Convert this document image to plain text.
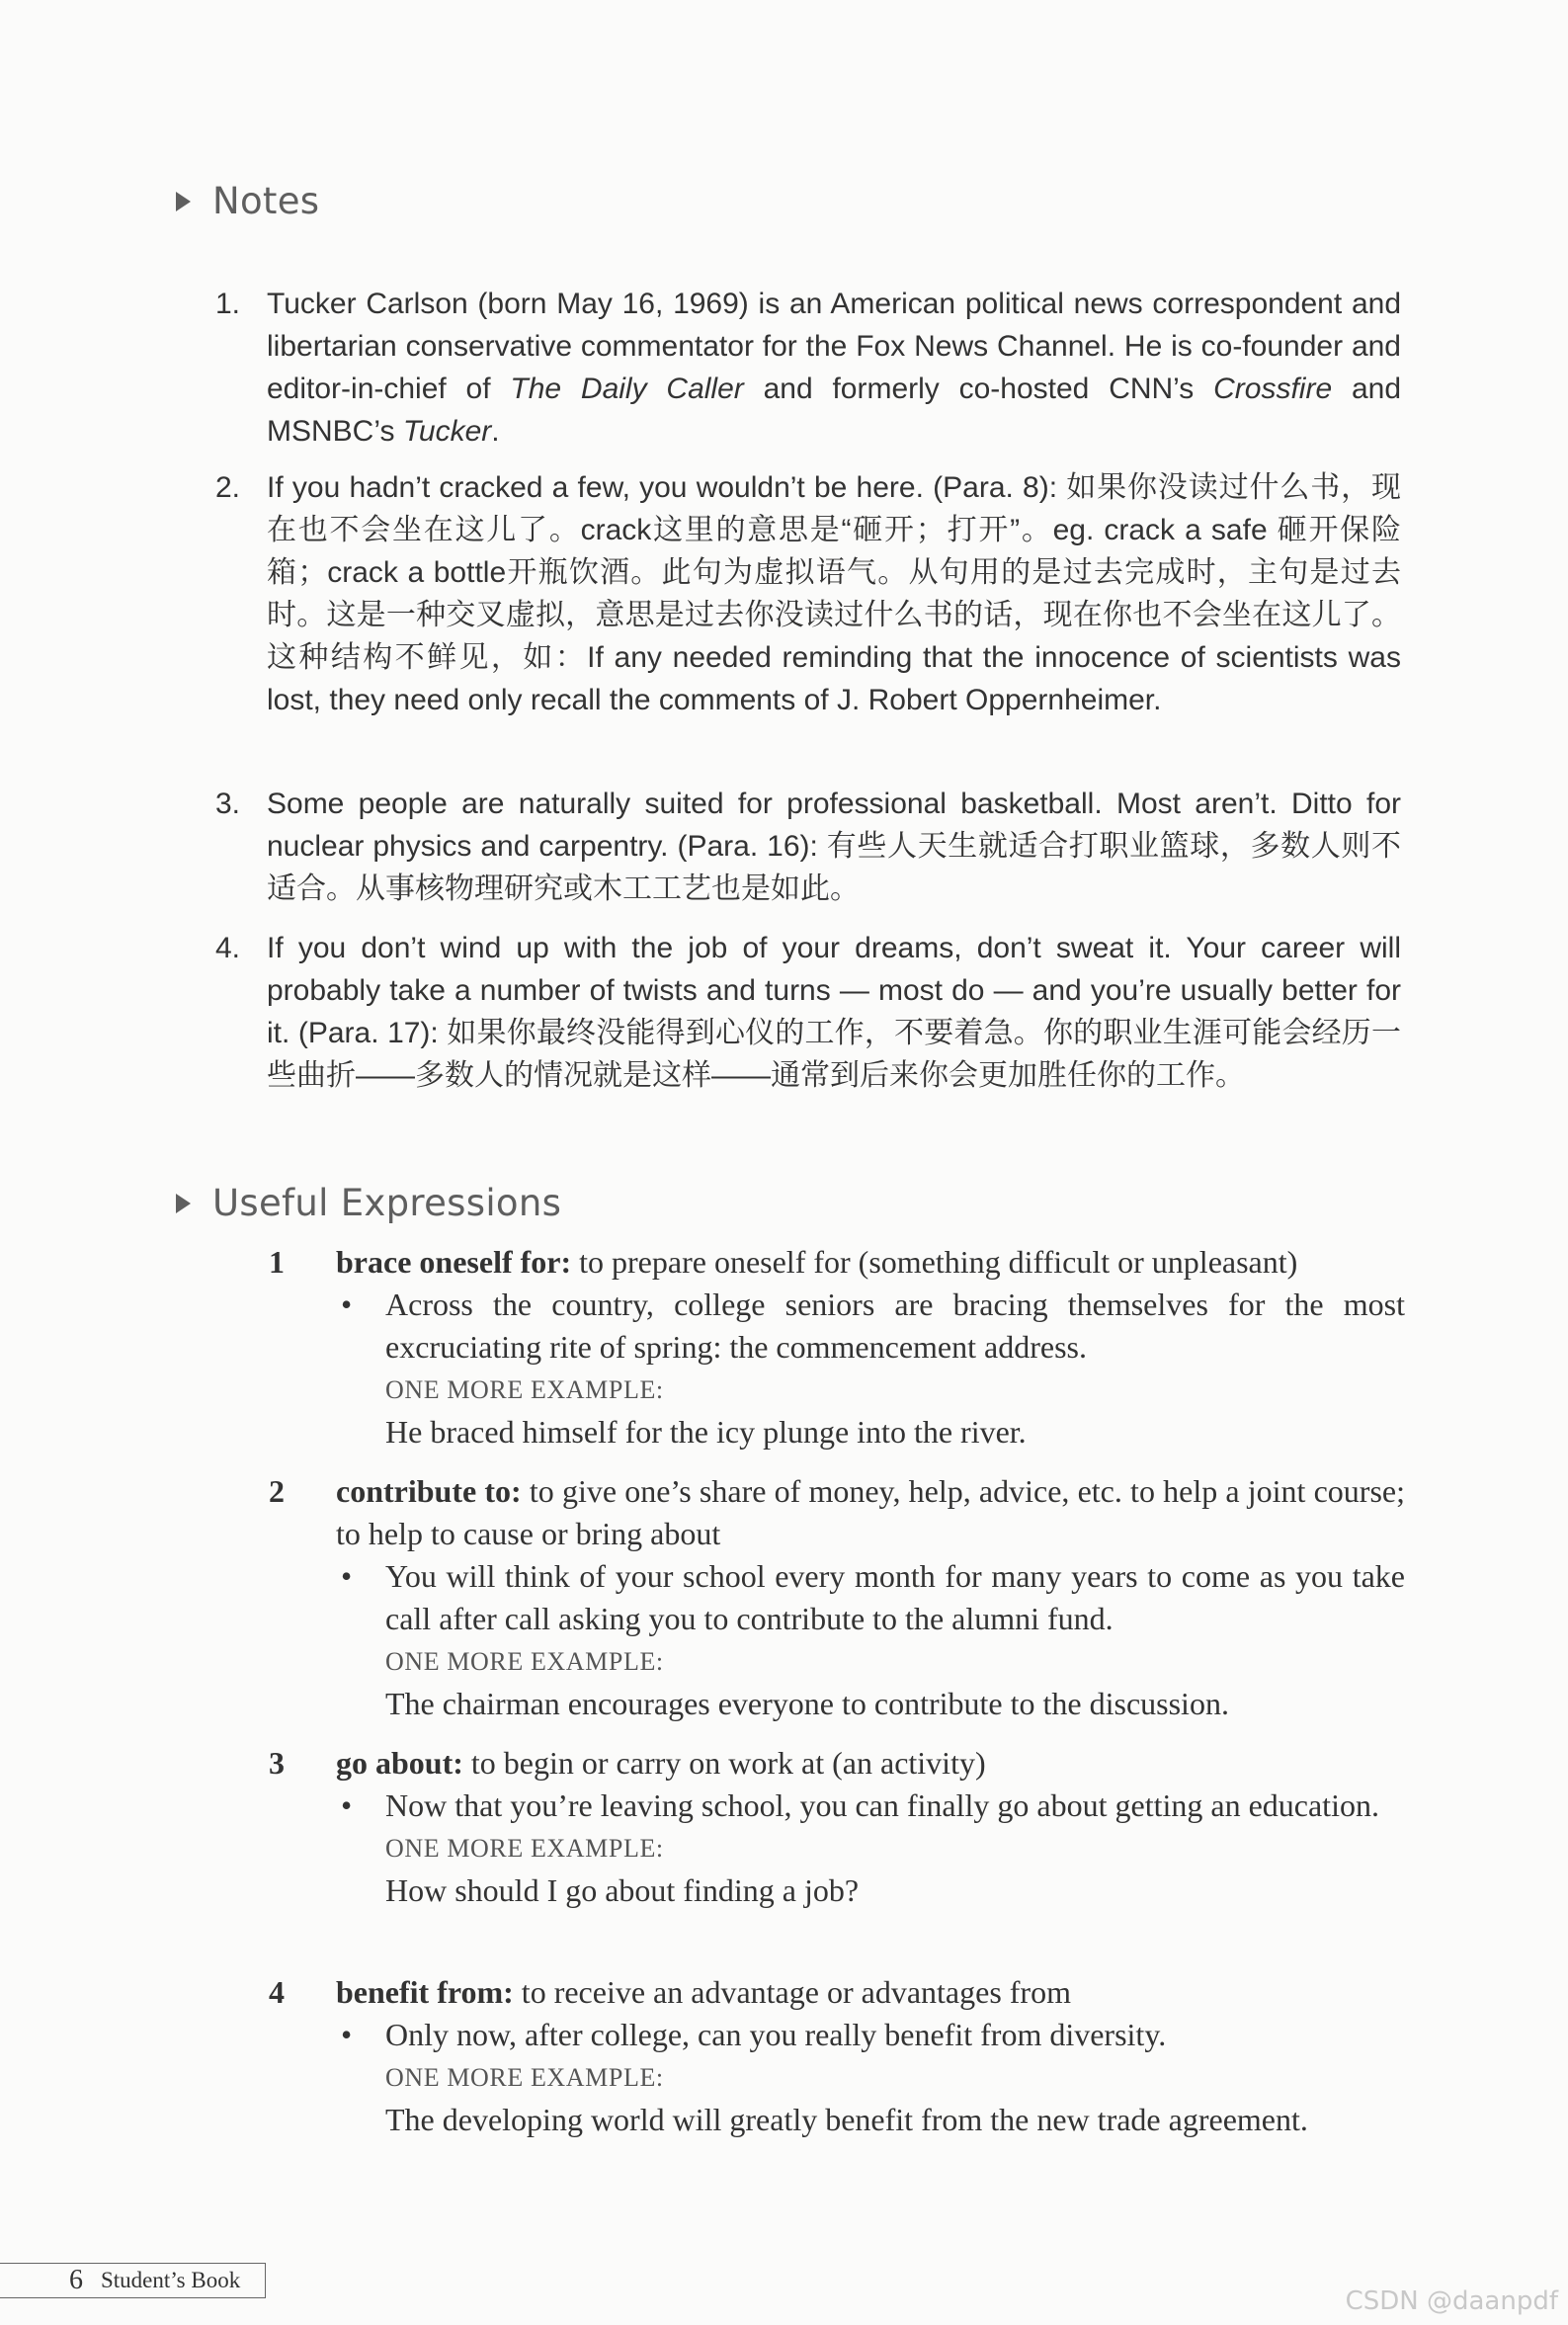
Notes
1. Tucker Carlson (born May 16, 1969) is an American political news correspondent and libertarian conservative commentator for the Fox News Channel. He is co-founder and editor-in-chief of The Daily Caller and formerly co-hosted CNN’s Crossfire and MSNBC’s Tucker.
2. If you hadn’t cracked a few, you wouldn’t be here. (Para. 8): 如果你没读过什么书，现在也不会坐在这儿了。crack这里的意思是“砸开；打开”。eg. crack a safe 砸开保险箱；crack a bottle开瓶饮酒。此句为虚拟语气。从句用的是过去完成时，主句是过去时。这是一种交叉虚拟，意思是过去你没读过什么书的话，现在你也不会坐在这儿了。这种结构不鲜见，如：If any needed reminding that the innocence of scientists was lost, they need only recall the comments of J. Robert Oppernheimer.
3. Some people are naturally suited for professional basketball. Most aren’t. Ditto for nuclear physics and carpentry. (Para. 16): 有些人天生就适合打职业篮球，多数人则不适合。从事核物理研究或木工工艺也是如此。
4. If you don’t wind up with the job of your dreams, don’t sweat it. Your career will probably take a number of twists and turns — most do — and you’re usually better for it. (Para. 17): 如果你最终没能得到心仪的工作，不要着急。你的职业生涯可能会经历一些曲折——多数人的情况就是这样——通常到后来你会更加胜任你的工作。
Useful Expressions
1 brace oneself for: to prepare oneself for (something difficult or unpleasant)
• Across the country, college seniors are bracing themselves for the most excruciating rite of spring: the commencement address.
ONE MORE EXAMPLE:
He braced himself for the icy plunge into the river.
2 contribute to: to give one’s share of money, help, advice, etc. to help a joint course; to help to cause or bring about
• You will think of your school every month for many years to come as you take call after call asking you to contribute to the alumni fund.
ONE MORE EXAMPLE:
The chairman encourages everyone to contribute to the discussion.
3 go about: to begin or carry on work at (an activity)
• Now that you’re leaving school, you can finally go about getting an education.
ONE MORE EXAMPLE:
How should I go about finding a job?
4 benefit from: to receive an advantage or advantages from
• Only now, after college, can you really benefit from diversity.
ONE MORE EXAMPLE:
The developing world will greatly benefit from the new trade agreement.
6 Student’s Book
CSDN @daanpdf
